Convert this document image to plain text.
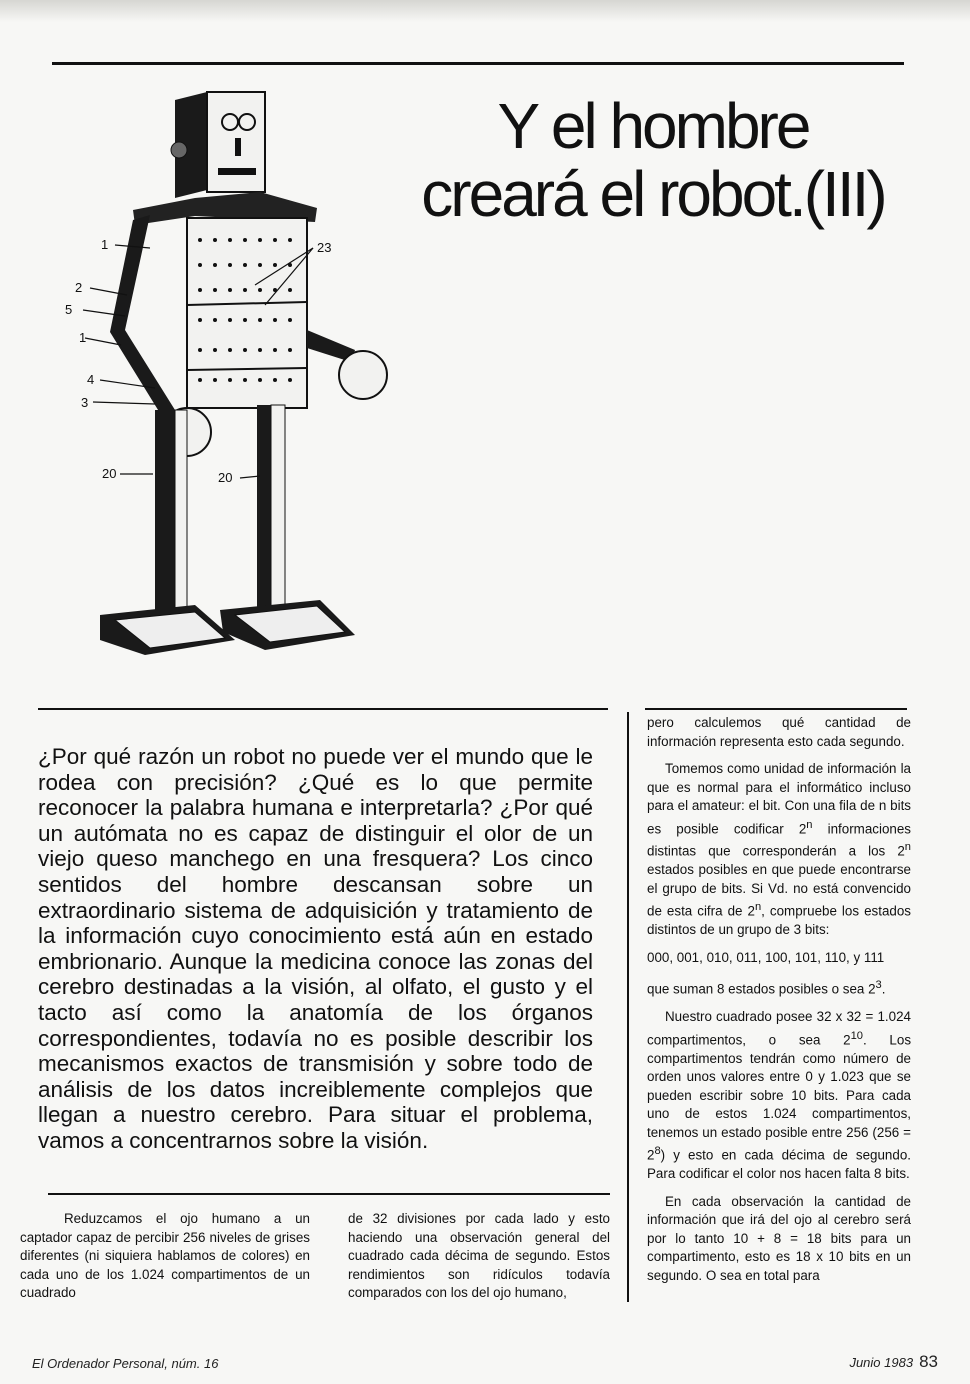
Y el hombre
creará el robot.(III)
1
2
5
1
4
3
20	20
23

¿Por qué razón un robot no puede ver el mundo que le rodea con precisión? ¿Qué es lo que permite reconocer la palabra humana e interpretarla? ¿Por qué un autómata no es capaz de distinguir el olor de un viejo queso manchego en una fresquera? Los cinco sentidos del hombre descansan sobre un extraordinario sistema de adquisición y tratamiento de la información cuyo conocimiento está aún en estado embrionario. Aunque la medicina conoce las zonas del cerebro destinadas a la visión, al olfato, el gusto y el tacto así como la anatomía de los órganos correspondientes, todavía no es posible describir los mecanismos exactos de transmisión y sobre todo de análisis de los datos increiblemente complejos que llegan a nuestro cerebro. Para situar el problema, vamos a concentrarnos sobre la visión.

Reduzcamos el ojo humano a un captador capaz de percibir 256 niveles de grises diferentes (ni siquiera hablamos de colores) en cada uno de los 1.024 compartimentos de un cuadrado

de 32 divisiones por cada lado y esto haciendo una observación general del cuadrado cada décima de segundo. Estos rendimientos son ridículos todavía comparados con los del ojo humano,

pero calculemos qué cantidad de información representa esto cada segundo.

Tomemos como unidad de información la que es normal para el informático incluso para el amateur: el bit. Con una fila de n bits es posible codificar 2$^n$ informaciones distintas que corresponderán a los 2$^n$ estados posibles en que puede encontrarse el grupo de bits. Si Vd. no está convencido de esta cifra de 2$^n$, compruebe los estados distintos de un grupo de 3 bits:

000, 001, 010, 011, 100, 101, 110, y 111

que suman 8 estados posibles o sea $2^3$.

Nuestro cuadrado posee 32 x 32 = 1.024 compartimentos, o sea $2^{10}$. Los compartimentos tendrán como número de orden unos valores entre 0 y 1.023 que se pueden escribir sobre 10 bits. Para cada uno de estos 1.024 compartimentos, tenemos un estado posible entre 256 $(256 = 2^8)$ y esto en cada décima de segundo. Para codificar el color nos hacen falta 8 bits.

En cada observación la cantidad de información que irá del ojo al cerebro será por lo tanto 10 + 8 = 18 bits para un compartimento, esto es 18 x 10 bits en un segundo. O sea en total para

El Ordenador Personal, núm. 16	Junio 1983 83
